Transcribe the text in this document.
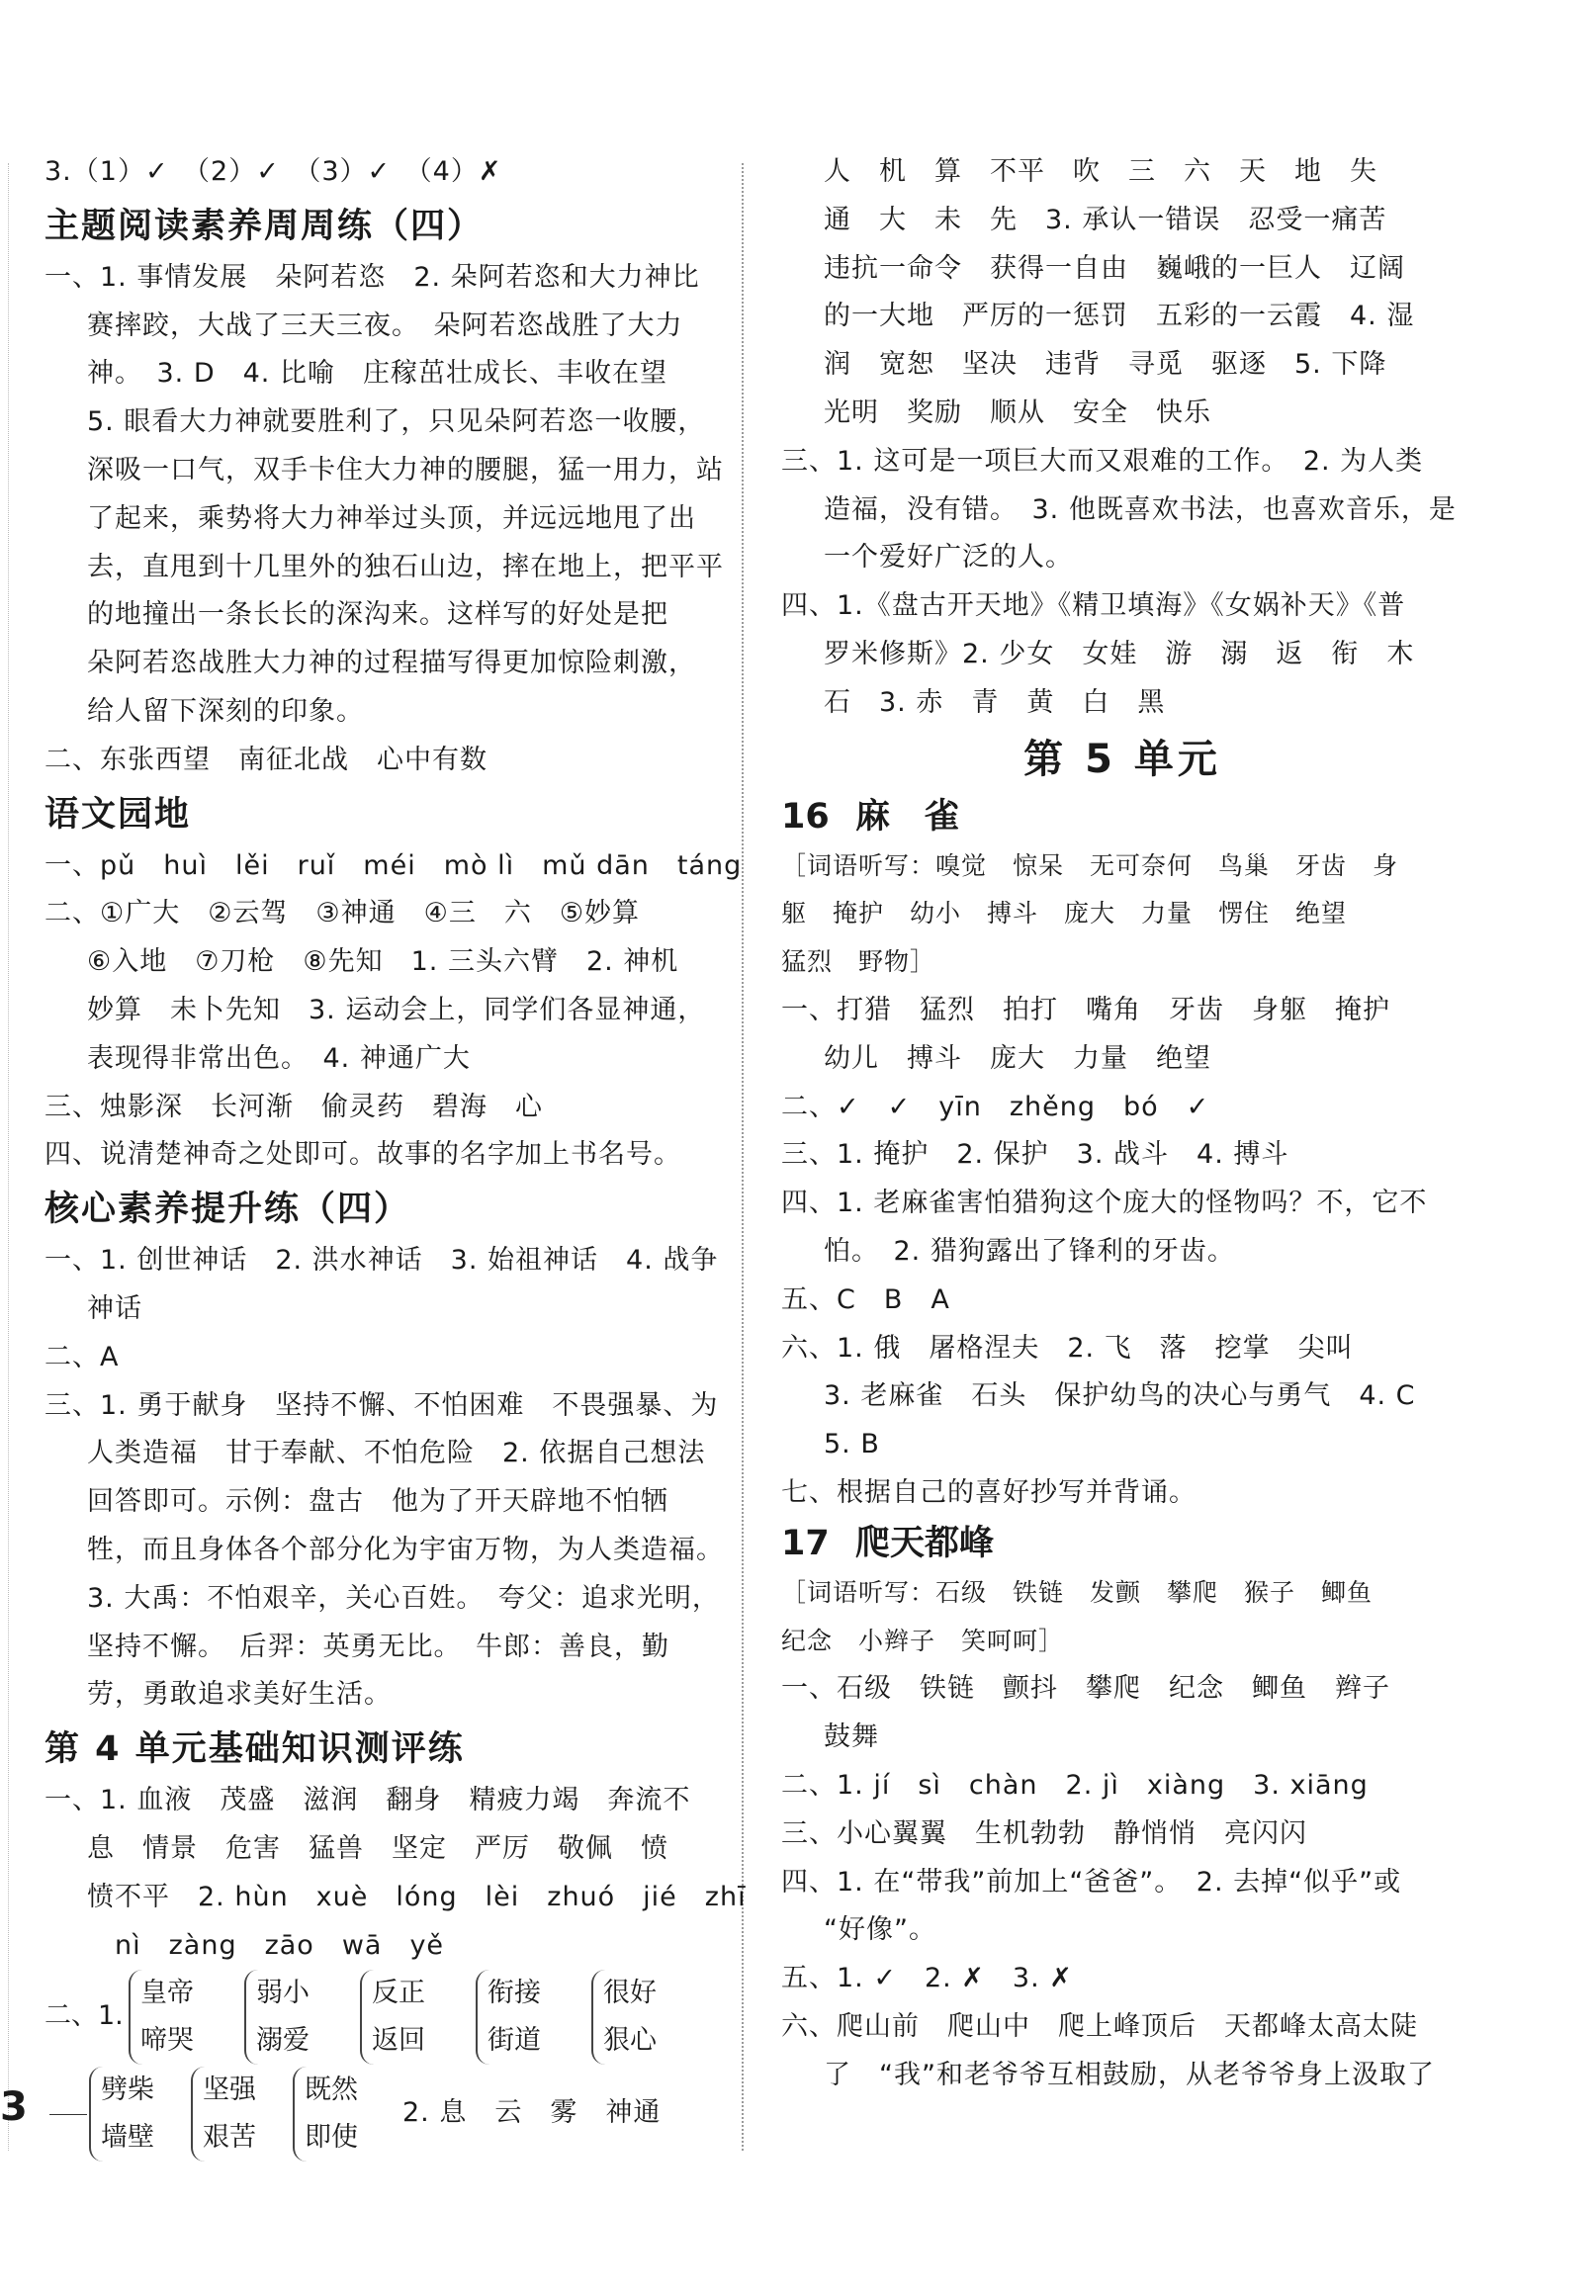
3.（1）✓　（2）✓　（3）✓　（4）✗
主题阅读素养周周练（四）
一、1. 事情发展　朵阿若恣　2. 朵阿若恣和大力神比
赛摔跤，大战了三天三夜。　朵阿若恣战胜了大力
神。　3. D　4. 比喻　庄稼茁壮成长、丰收在望
5. 眼看大力神就要胜利了，只见朵阿若恣一收腰，
深吸一口气，双手卡住大力神的腰腿，猛一用力，站
了起来，乘势将大力神举过头顶，并远远地甩了出
去，直甩到十几里外的独石山边，摔在地上，把平平
的地撞出一条长长的深沟来。这样写的好处是把
朵阿若恣战胜大力神的过程描写得更加惊险刺激，
给人留下深刻的印象。
二、东张西望　南征北战　心中有数
语文园地
一、pǔ　huì　lěi　ruǐ　méi　mò lì　mǔ dān　táng
二、①广大　②云驾　③神通　④三　六　⑤妙算
⑥入地　⑦刀枪　⑧先知　1. 三头六臂　2. 神机
妙算　未卜先知　3. 运动会上，同学们各显神通，
表现得非常出色。　4. 神通广大
三、烛影深　长河渐　偷灵药　碧海　心
四、说清楚神奇之处即可。故事的名字加上书名号。
核心素养提升练（四）
一、1. 创世神话　2. 洪水神话　3. 始祖神话　4. 战争
神话
二、A
三、1. 勇于献身　坚持不懈、不怕困难　不畏强暴、为
人类造福　甘于奉献、不怕危险　2. 依据自己想法
回答即可。示例：盘古　他为了开天辟地不怕牺
牲，而且身体各个部分化为宇宙万物，为人类造福。
3. 大禹：不怕艰辛，关心百姓。　夸父：追求光明，
坚持不懈。　后羿：英勇无比。　牛郎：善良，勤
劳，勇敢追求美好生活。
第 4 单元基础知识测评练
一、1. 血液　茂盛　滋润　翻身　精疲力竭　奔流不
息　情景　危害　猛兽　坚定　严厉　敬佩　愤
愤不平　2. hùn　xuè　lóng　lèi　zhuó　jié　zhī
　nì　zàng　zāo　wā　yě
二、1.
皇帝
啼哭
弱小
溺爱
反正
返回
衔接
街道
很好
狠心
2. 息　云　雾　神通
劈柴
墙壁
坚强
艰苦
既然
即使
人　机　算　不平　吹　三　六　天　地　失
通　大　未　先　3. 承认一错误　忍受一痛苦
违抗一命令　获得一自由　巍峨的一巨人　辽阔
的一大地　严厉的一惩罚　五彩的一云霞　4. 湿
润　宽恕　坚决　违背　寻觅　驱逐　5. 下降
光明　奖励　顺从　安全　快乐
三、1. 这可是一项巨大而又艰难的工作。　2. 为人类
造福，没有错。　3. 他既喜欢书法，也喜欢音乐，是
一个爱好广泛的人。
四、1.《盘古开天地》《精卫填海》《女娲补天》《普
罗米修斯》2. 少女　女娃　游　溺　返　衔　木
石　3. 赤　青　黄　白　黑
第 5 单元
16 麻　雀
［词语听写：嗅觉　惊呆　无可奈何　鸟巢　牙齿　身
躯　掩护　幼小　搏斗　庞大　力量　愣住　绝望
猛烈　野物］
一、打猎　猛烈　拍打　嘴角　牙齿　身躯　掩护
幼儿　搏斗　庞大　力量　绝望
二、✓　✓　yīn　zhěng　bó　✓
三、1. 掩护　2. 保护　3. 战斗　4. 搏斗
四、1. 老麻雀害怕猎狗这个庞大的怪物吗？不，它不
怕。　2. 猎狗露出了锋利的牙齿。
五、C　B　A
六、1. 俄　屠格涅夫　2. 飞　落　挖掌　尖叫
3. 老麻雀　石头　保护幼鸟的决心与勇气　4. C
5. B
七、根据自己的喜好抄写并背诵。
17 爬天都峰
［词语听写：石级　铁链　发颤　攀爬　猴子　鲫鱼
纪念　小辫子　笑呵呵］
一、石级　铁链　颤抖　攀爬　纪念　鲫鱼　辫子
鼓舞
二、1. jí　sì　chàn　2. jì　xiàng　3. xiāng
三、小心翼翼　生机勃勃　静悄悄　亮闪闪
四、1. 在“带我”前加上“爸爸”。　2. 去掉“似乎”或
“好像”。
五、1. ✓　2. ✗　3. ✗
六、爬山前　爬山中　爬上峰顶后　天都峰太高太陡
了　“我”和老爷爷互相鼓励，从老爷爷身上汲取了
3
